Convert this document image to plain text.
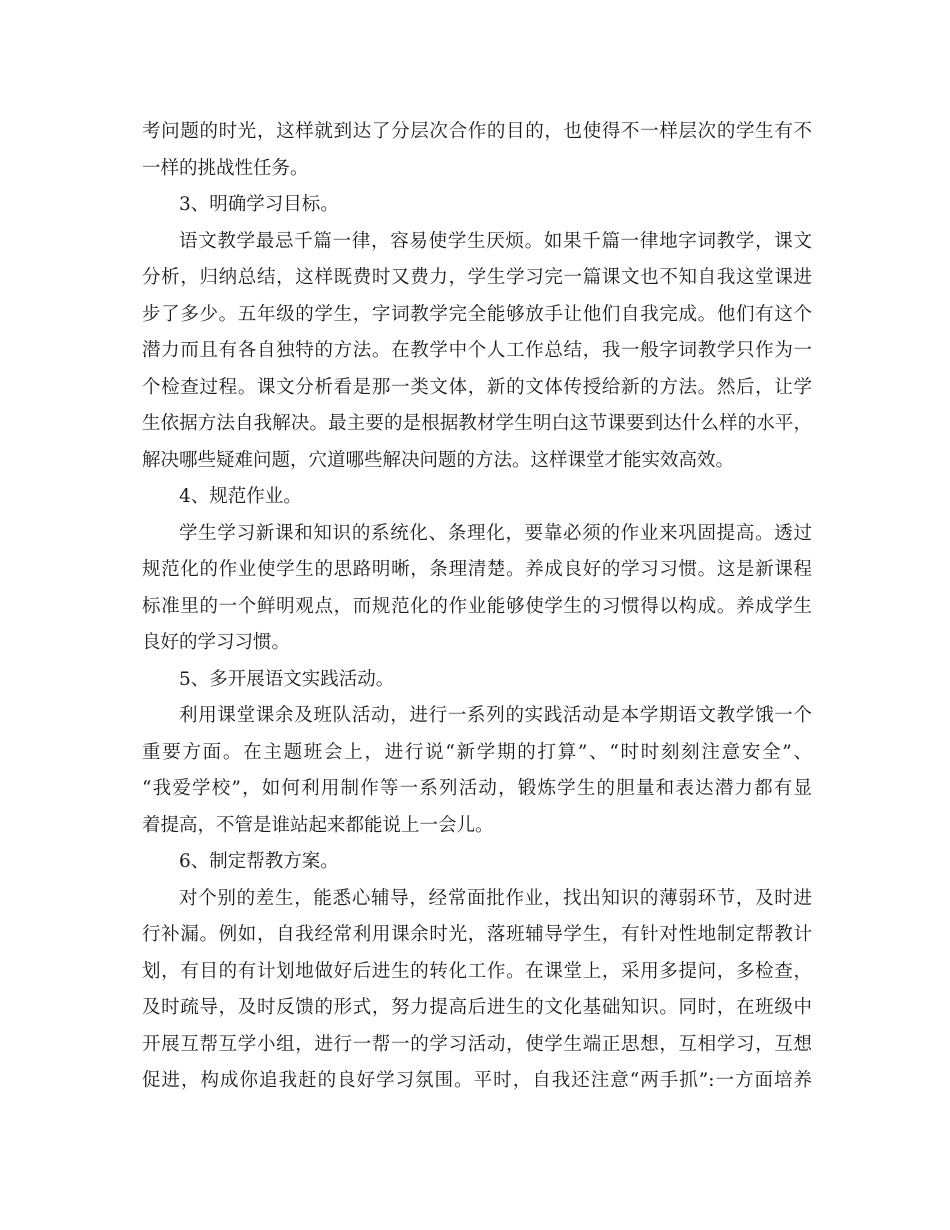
考问题的时光，这样就到达了分层次合作的目的，也使得不一样层次的学生有不
一样的挑战性任务。
3、明确学习目标。
语文教学最忌千篇一律，容易使学生厌烦。如果千篇一律地字词教学，课文
分析，归纳总结，这样既费时又费力，学生学习完一篇课文也不知自我这堂课进
步了多少。五年级的学生，字词教学完全能够放手让他们自我完成。他们有这个
潜力而且有各自独特的方法。在教学中个人工作总结，我一般字词教学只作为一
个检查过程。课文分析看是那一类文体，新的文体传授给新的方法。然后，让学
生依据方法自我解决。最主要的是根据教材学生明白这节课要到达什么样的水平，
解决哪些疑难问题，穴道哪些解决问题的方法。这样课堂才能实效高效。
4、规范作业。
学生学习新课和知识的系统化、条理化，要靠必须的作业来巩固提高。透过
规范化的作业使学生的思路明晰，条理清楚。养成良好的学习习惯。这是新课程
标准里的一个鲜明观点，而规范化的作业能够使学生的习惯得以构成。养成学生
良好的学习习惯。
5、多开展语文实践活动。
利用课堂课余及班队活动，进行一系列的实践活动是本学期语文教学饿一个
重要方面。在主题班会上，进行说“新学期的打算”、“时时刻刻注意安全”、
“我爱学校”，如何利用制作等一系列活动，锻炼学生的胆量和表达潜力都有显
着提高，不管是谁站起来都能说上一会儿。
6、制定帮教方案。
对个别的差生，能悉心辅导，经常面批作业，找出知识的薄弱环节，及时进
行补漏。例如，自我经常利用课余时光，落班辅导学生，有针对性地制定帮教计
划，有目的有计划地做好后进生的转化工作。在课堂上，采用多提问，多检查，
及时疏导，及时反馈的形式，努力提高后进生的文化基础知识。同时，在班级中
开展互帮互学小组，进行一帮一的学习活动，使学生端正思想，互相学习，互想
促进，构成你追我赶的良好学习氛围。平时，自我还注意“两手抓”:一方面培养
